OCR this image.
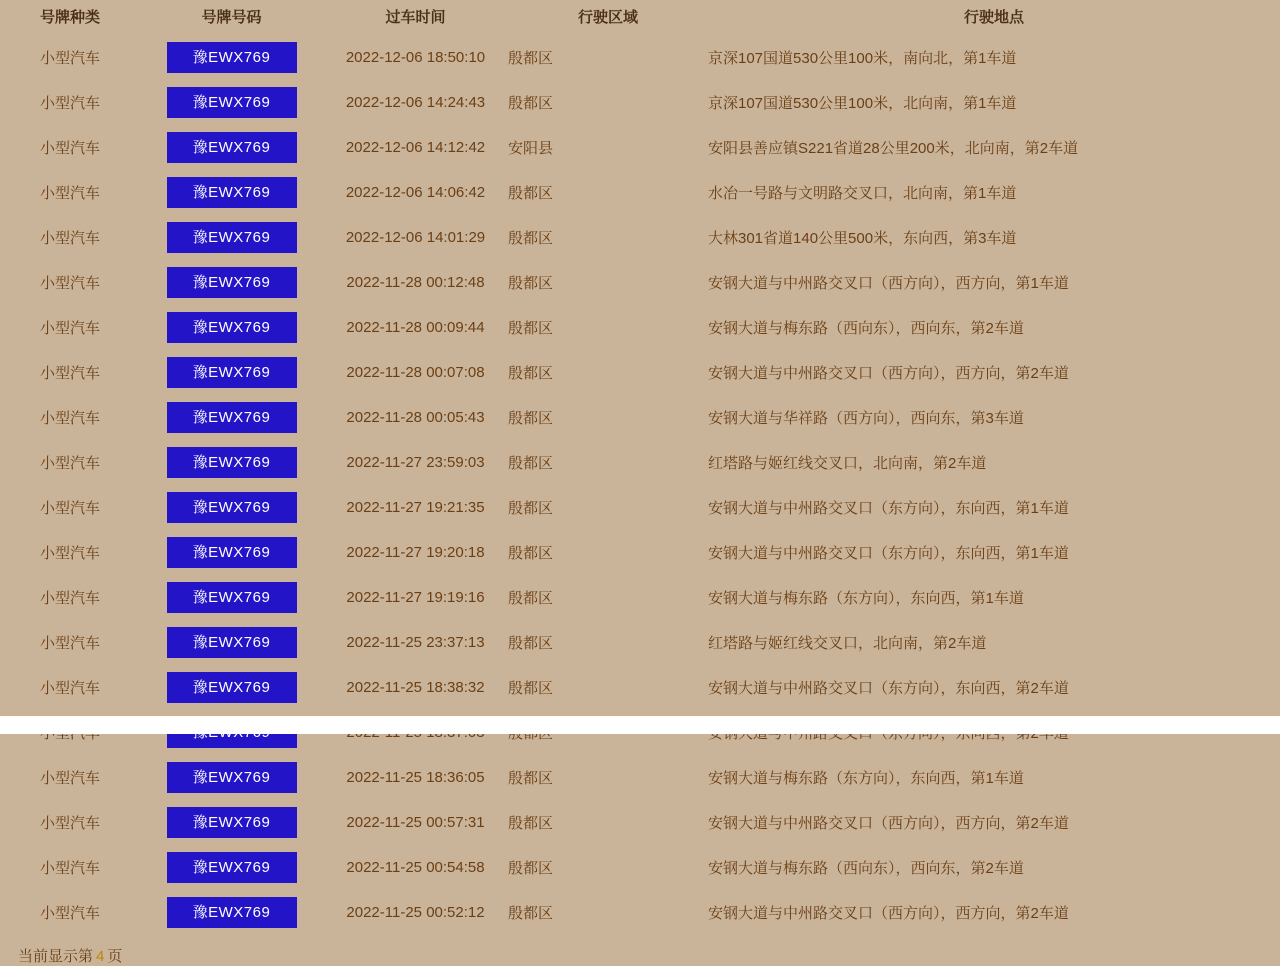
号牌种类	号牌号码	过车时间	行驶区域	行驶地点
小型汽车	豫EWX769	2022-12-06 18:50:10	殷都区	京深107国道530公里100米，南向北，第1车道
小型汽车	豫EWX769	2022-12-06 14:24:43	殷都区	京深107国道530公里100米，北向南，第1车道
小型汽车	豫EWX769	2022-12-06 14:12:42	安阳县	安阳县善应镇S221省道28公里200米，北向南，第2车道
小型汽车	豫EWX769	2022-12-06 14:06:42	殷都区	水冶一号路与文明路交叉口，北向南，第1车道
小型汽车	豫EWX769	2022-12-06 14:01:29	殷都区	大林301省道140公里500米，东向西，第3车道
小型汽车	豫EWX769	2022-11-28 00:12:48	殷都区	安钢大道与中州路交叉口（西方向），西方向，第1车道
小型汽车	豫EWX769	2022-11-28 00:09:44	殷都区	安钢大道与梅东路（西向东），西向东，第2车道
小型汽车	豫EWX769	2022-11-28 00:07:08	殷都区	安钢大道与中州路交叉口（西方向），西方向，第2车道
小型汽车	豫EWX769	2022-11-28 00:05:43	殷都区	安钢大道与华祥路（西方向），西向东，第3车道
小型汽车	豫EWX769	2022-11-27 23:59:03	殷都区	红塔路与姬红线交叉口，北向南，第2车道
小型汽车	豫EWX769	2022-11-27 19:21:35	殷都区	安钢大道与中州路交叉口（东方向），东向西，第1车道
小型汽车	豫EWX769	2022-11-27 19:20:18	殷都区	安钢大道与中州路交叉口（东方向），东向西，第1车道
小型汽车	豫EWX769	2022-11-27 19:19:16	殷都区	安钢大道与梅东路（东方向），东向西，第1车道
小型汽车	豫EWX769	2022-11-25 23:37:13	殷都区	红塔路与姬红线交叉口，北向南，第2车道
小型汽车	豫EWX769	2022-11-25 18:38:32	殷都区	安钢大道与中州路交叉口（东方向），东向西，第2车道

小型汽车	豫EWX769	2022-11-25 18:36:05	殷都区	安钢大道与梅东路（东方向），东向西，第1车道
小型汽车	豫EWX769	2022-11-25 00:57:31	殷都区	安钢大道与中州路交叉口（西方向），西方向，第2车道
小型汽车	豫EWX769	2022-11-25 00:54:58	殷都区	安钢大道与梅东路（西向东），西向东，第2车道
小型汽车	豫EWX769	2022-11-25 00:52:12	殷都区	安钢大道与中州路交叉口（西方向），西方向，第2车道
当前显示第 4 页
